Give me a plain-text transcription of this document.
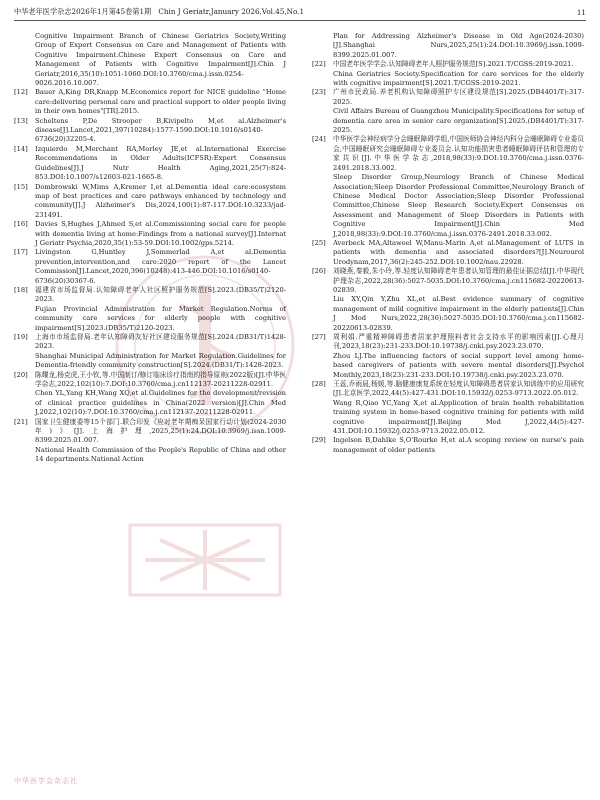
中华老年医学杂志2026年1月第45卷第1期　Chin J Geriatr,January 2026,Vol.45,No.1	11
Cognitive Impairment Branch of Chinese Geriatrics Society,Writing Group of Expert Consensus on Care and Management of Patients with Cognitive Impairment.Chinese Expert Consensus on Care and Management of Patients with Cognitive Impairment[J].Chin J Geriatr,2016,35(10):1051-1060.DOI:10.3760/cma.j.issn.0254-9026.2016.10.007.
[12]	Bauer A,King DR,Knapp M.Economics report for NICE guideline "Home care:delivering personal care and practical support to older people living in their own homes"[TR].2015.
[13]	Scheltens P,De Strooper B,Kivipelto M,et al.Alzheimer's disease[J].Lancet,2021,397(10284):1577-1590.DOI:10.1016/s0140-6736(20)32205-4.
[14]	Izquierdo M,Merchant RA,Morley JE,et al.International Exercise Recommendations in Older Adults(ICFSR):Expert Consensus Guidelines[J].J Nutr Health Aging,2021,25(7):824-853.DOI:10.1007/s12603-021-1665-8.
[15]	Dombrowski W,Mims A,Kremer I,et al.Dementia ideal care:ecosystem map of best practices and care pathways enhanced by technology and community[J].J Alzheimer's Dis,2024,100(1):87-117.DOI:10.3233/jad-231491.
[16]	Davies S,Hughes J,Ahmed S,et al.Commissioning social care for people with dementia living at home:Findings from a national survey[J].Internat J Geriatr Psychia,2020,35(1):53-59.DOI:10.1002/gps.5214.
[17]	Livingston G,Huntley J,Sommerlad A,et al.Dementia prevention,intervention,and care:2020 report of the Lancet Commission[J].Lancet,2020,396(10248):413-446.DOI:10.1016/s0140-6736(20)30367-6.
[18]	福建省市场监督局.认知障碍老年人社区照护服务规范[S].2023.(DB35/T)2120-2023.
Fujian Provincial Administration for Market Regulation.Norms of community care services for elderly people with cognitive impairment[S].2023.(DB35/T)2120-2023.
[19]	上海市市场监督局.老年认知障碍友好社区建设服务规范[S].2024.(DB31/T)1428-2023.
Shanghai Municipal Administration for Market Regulation.Guidelines for Dementia-friendly community construction[S].2024.(DB31/T):1428-2023.
[20]	陈耀龙,杨克虎,王小钦,等.中国制订/修订临床诊疗指南的指导原则(2022版)[J].中华医学杂志,2022,102(10):7.DOI:10.3760/cma.j.cn112137-20211228-02911.
Chen YL,Yang KH,Wang XQ,et al.Guidelines for the development/revision of clinical practice guidelines in China(2022 version)[J].Chin Med J,2022,102(10):7.DOI:10.3760/cma.j.cn112137-20211228-02911.
[21]	国家卫生健康委等15个部门.联合印发《应对老年期痴呆国家行动计划(2024-2030年)》[J].上海护理,2025,25(1):24.DOI:10.3969/j.issn.1009-8399.2025.01.007.
National Health Commission of the People's Republic of China and other 14 departments.National Action
Plan for Addressing Alzheimer's Disease in Old Age(2024-2030)[J].Shanghai Nurs,2025,25(1):24.DOI:10.3969/j.issn.1009-8399.2025.01.007.
[22]	中国老年医学学会.认知障碍老年人照护服务规范[S].2021.T/CGSS:2019-2021.
China Geriatrics Society.Specification for care services for the elderly with cognitive impairment[S].2021.T/CGSS:2019-2021.
[23]	广州市民政局.养老机构认知障碍照护专区建设规范[S].2025.(DB4401/T):317-2025.
Civil Affairs Bureau of Guangzhou Municipality.Specifications for setup of dementia care area in senior care organization[S].2025.(DB4401/T):317-2025.
[24]	中华医学会神经病学分会睡眠障碍学组,中国医师协会神经内科分会睡眠障碍专业委员会,中国睡眠研究会睡眠障碍专业委员会.认知功能损害患者睡眠障碍评估和管理的专家共识[J].中华医学杂志,2018,98(33):9.DOI:10.3760/cma.j.issn.0376-2491.2018.33.002.
Sleep Disorder Group,Neurology Branch of Chinese Medical Association;Sleep Disorder Professional Committee,Neurology Branch of Chinese Medical Doctor Association;Sleep Disorder Professional Committee,Chinese Sleep Research Society.Expert Consensus on Assessment and Management of Sleep Disorders in Patients with Cognitive Impairment[J].Chin Med J,2018,98(33):9.DOI:10.3760/cma.j.issn.0376-2491.2018.33.002.
[25]	Averbeck MA,Altaweel W,Manu-Marin A,et al.Management of LUTS in patients with dementia and associated disorders?[J].Neurourol Urodynam,2017,36(2):245-252.DOI:10.1002/nau.22928.
[26]	刘晓燕,秦毅,朱小玲,等.轻度认知障碍老年患者认知管理的最佳证据总结[J].中华现代护理杂志,2022,28(36):5027-5035.DOI:10.3760/cma.j.cn115682-20220613-02839.
Liu XY,Qin Y,Zhu XL,et al.Best evidence summary of cognitive management of mild cognitive impairment in the elderly patients[J].Chin J Mod Nurs,2022,28(36):5027-5035.DOI:10.3760/cma.j.cn115682-20220613-02839.
[27]	周利娟.严重精神障碍患者居家护理照料者社会支持水平的影响因素[J].心理月刊,2023,18(23):231-233.DOI:10.19738/j.cnki.psy.2023.23.070.
Zhou LJ.The influencing factors of social support level among home-based caregivers of patients with severe mental disorders[J].Psychol Monthly,2023,18(23):231-233.DOI:10.19738/j.cnki.psy.2023.23.070.
[28]	王蕊,乔雨晨,杨媛,等.脑健康康复系统在轻度认知障碍患者居家认知训练中的应用研究[J].北京医学,2022,44(5):427-431.DOI:10.15932/j.0253-9713.2022.05.012.
Wang R,Qiao YC,Yang X,et al.Application of brain health rehabilitation training system in home-based cognitive training for patients with mild cognitive impairment[J].Beijing Med J,2022,44(5):427-431.DOI:10.15932/j.0253-9713.2022.05.012.
[29]	Ingelson B,Dahlke S,O'Rourke H,et al.A scoping review on nurse's pain management of older patients
中华医学会杂志社
